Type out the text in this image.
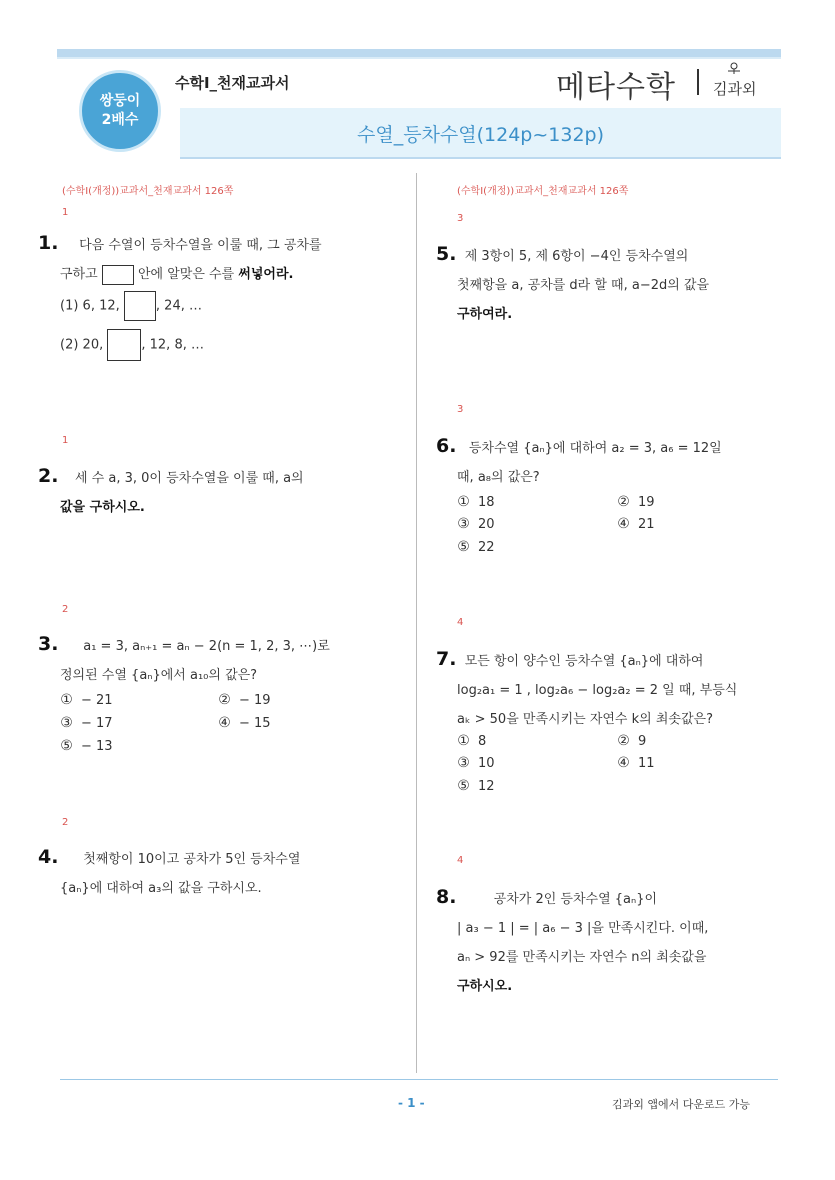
쌍둥이
2배수
수학Ⅰ_천재교과서	메타수학 김과외
수열_등차수열(124p~132p)
(수학I(개정))교과서_천재교과서 126쪽
1
1. 다음 수열이 등차수열을 이룰 때, 그 공차를
구하고	안에 알맞은 수를 써넣어라.
(1) 6, 12,	, 24, …
(2) 20,	, 12, 8, …
1
2. 세 수 a, 3, 0이 등차수열을 이룰 때, a의
값을 구하시오.
2
3. a₁ = 3, aₙ₊₁ = aₙ − 2(n = 1, 2, 3, ⋯)로
정의된 수열 {aₙ}에서 a₁₀의 값은?
① − 21	② − 19
③ − 17	④ − 15
⑤ − 13
2
4. 첫째항이 10이고 공차가 5인 등차수열
{aₙ}에 대하여 a₃의 값을 구하시오.
(수학I(개정))교과서_천재교과서 126쪽
3
5. 제 3항이 5, 제 6항이 −4인 등차수열의
첫째항을 a, 공차를 d라 할 때, a−2d의 값을
구하여라.
3
6. 등차수열 {aₙ}에 대하여 a₂ = 3, a₆ = 12일
때, a₈의 값은?
① 18	② 19
③ 20	④ 21
⑤ 22
4
7. 모든 항이 양수인 등차수열 {aₙ}에 대하여
log₂a₁ = 1 , log₂a₆ − log₂a₂ = 2 일 때, 부등식
aₖ > 50을 만족시키는 자연수 k의 최솟값은?
① 8	② 9
③ 10	④ 11
⑤ 12
4
8.	공차가 2인 등차수열 {aₙ}이
| a₃ − 1 | = | a₆ − 3 |을 만족시킨다. 이때,
aₙ > 92를 만족시키는 자연수 n의 최솟값을
구하시오.
- 1 -	김과외 앱에서 다운로드 가능
